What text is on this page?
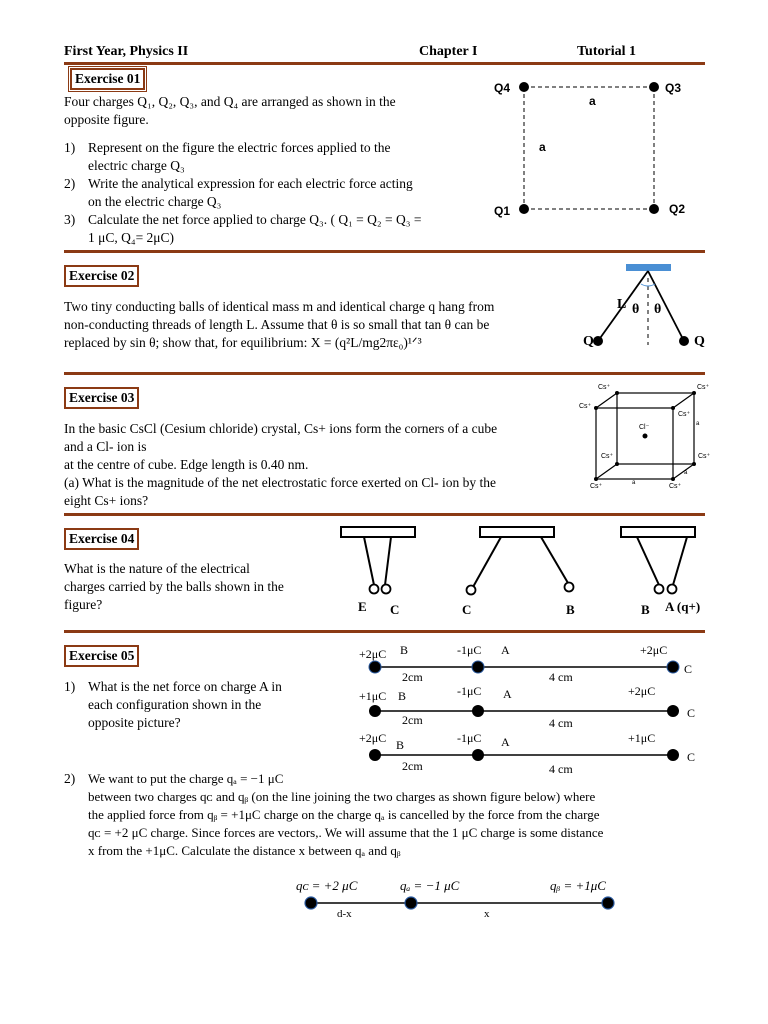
First Year, Physics II	Chapter I	Tutorial 1
Exercise 01
Four charges Q₁, Q₂, Q₃, and Q₄ are arranged as shown in the
opposite figure.
1) Represent on the figure the electric forces applied to the
electric charge Q₃
2) Write the analytical expression for each electric force acting
on the electric charge Q₃
3) Calculate the net force applied to charge Q₃. ( Q₁ = Q₂ = Q₃ =
1 μC, Q₄= 2μC)
Q4	Q3
Q1	Q2
a
a
Exercise 02
Two tiny conducting balls of identical mass m and identical charge q hang from
non-conducting threads of length L. Assume that θ is so small that tan θ can be
replaced by sin θ; show that, for equilibrium: X = (q²L/mg2πε₀)¹ᐟ³
L θ θ
Q	Q
Exercise 03
In the basic CsCl (Cesium chloride) crystal, Cs+ ions form the corners of a cube
and a Cl- ion is
at the centre of cube. Edge length is 0.40 nm.
(a) What is the magnitude of the net electrostatic force exerted on Cl- ion by the
eight Cs+ ions?
Cs⁺	Cs⁺
Cs⁺
Cs⁺
Cs⁺	Cs⁺
Cs⁺	Cs⁺
Cl⁻
a
a
a
Exercise 04
What is the nature of the electrical
charges carried by the balls shown in the
figure?	E C	C	B	B A (q+)
Exercise 05
1) What is the net force on charge A in
each configuration shown in the
opposite picture?
+2μC B	-1μC A	+2μC
C
2cm	4 cm
+1μC B	-1μC A	+2μC
C
2cm	4 cm
+2μC B	-1μC A	+1μC
C
2cm	4 cm
2) We want to put the charge qₐ = −1 μC
between two charges qᴄ and qᵦ (on the line joining the two charges as shown figure below) where
the applied force from qᵦ = +1μC charge on the charge qₐ is cancelled by the force from the charge
qᴄ = +2 μC charge. Since forces are vectors,. We will assume that the 1 μC charge is some distance
x from the +1μC. Calculate the distance x between qₐ and qᵦ
qᴄ = +2 μC	qₐ = −1 μC	qᵦ = +1μC
d-x	x
